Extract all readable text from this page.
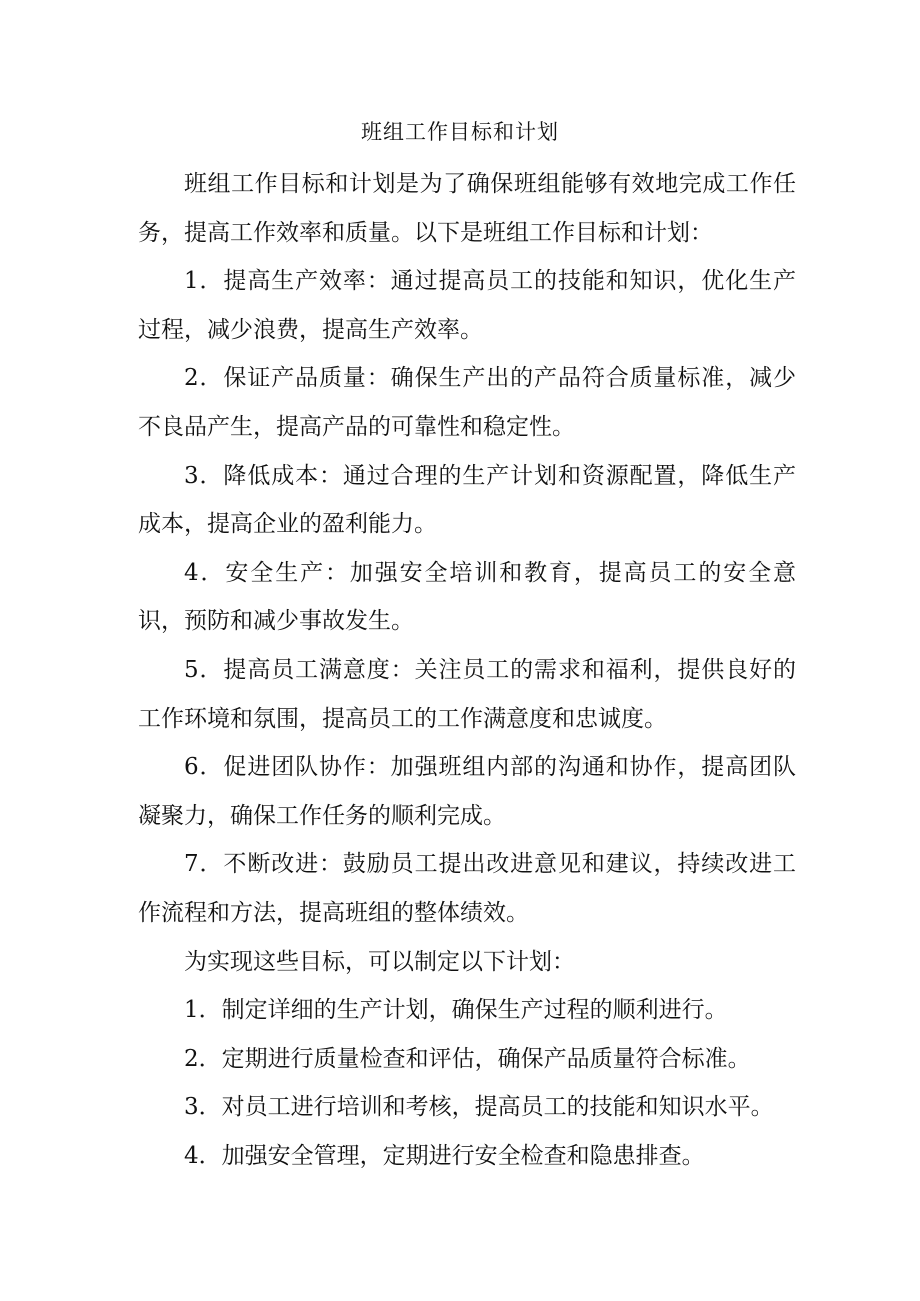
班组工作目标和计划

班组工作目标和计划是为了确保班组能够有效地完成工作任务，提高工作效率和质量。以下是班组工作目标和计划：

1．提高生产效率：通过提高员工的技能和知识，优化生产过程，减少浪费，提高生产效率。

2．保证产品质量：确保生产出的产品符合质量标准，减少不良品产生，提高产品的可靠性和稳定性。

3．降低成本：通过合理的生产计划和资源配置，降低生产成本，提高企业的盈利能力。

4．安全生产：加强安全培训和教育，提高员工的安全意识，预防和减少事故发生。

5．提高员工满意度：关注员工的需求和福利，提供良好的工作环境和氛围，提高员工的工作满意度和忠诚度。

6．促进团队协作：加强班组内部的沟通和协作，提高团队凝聚力，确保工作任务的顺利完成。

7．不断改进：鼓励员工提出改进意见和建议，持续改进工作流程和方法，提高班组的整体绩效。

为实现这些目标，可以制定以下计划：

1．制定详细的生产计划，确保生产过程的顺利进行。

2．定期进行质量检查和评估，确保产品质量符合标准。

3．对员工进行培训和考核，提高员工的技能和知识水平。

4．加强安全管理，定期进行安全检查和隐患排查。
